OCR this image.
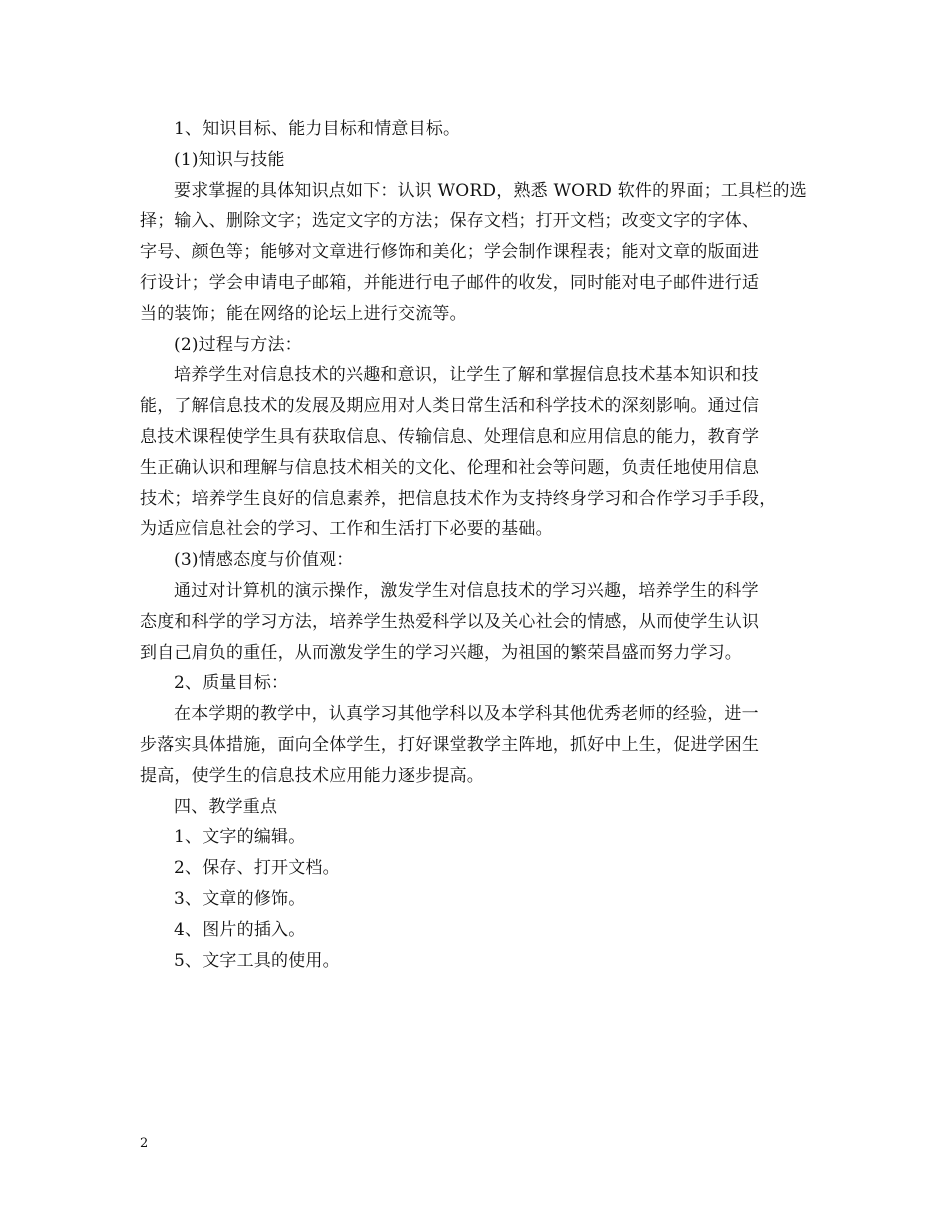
1、知识目标、能力目标和情意目标。
(1)知识与技能
要求掌握的具体知识点如下：认识 WORD，熟悉 WORD 软件的界面；工具栏的选
择；输入、删除文字；选定文字的方法；保存文档；打开文档；改变文字的字体、
字号、颜色等；能够对文章进行修饰和美化；学会制作课程表；能对文章的版面进
行设计；学会申请电子邮箱，并能进行电子邮件的收发，同时能对电子邮件进行适
当的装饰；能在网络的论坛上进行交流等。
(2)过程与方法：
培养学生对信息技术的兴趣和意识，让学生了解和掌握信息技术基本知识和技
能，了解信息技术的发展及期应用对人类日常生活和科学技术的深刻影响。通过信
息技术课程使学生具有获取信息、传输信息、处理信息和应用信息的能力，教育学
生正确认识和理解与信息技术相关的文化、伦理和社会等问题，负责任地使用信息
技术；培养学生良好的信息素养，把信息技术作为支持终身学习和合作学习手手段，
为适应信息社会的学习、工作和生活打下必要的基础。
(3)情感态度与价值观：
通过对计算机的演示操作，激发学生对信息技术的学习兴趣，培养学生的科学
态度和科学的学习方法，培养学生热爱科学以及关心社会的情感，从而使学生认识
到自己肩负的重任，从而激发学生的学习兴趣，为祖国的繁荣昌盛而努力学习。
2、质量目标：
在本学期的教学中，认真学习其他学科以及本学科其他优秀老师的经验，进一
步落实具体措施，面向全体学生，打好课堂教学主阵地，抓好中上生，促进学困生
提高，使学生的信息技术应用能力逐步提高。
四、教学重点
1、文字的编辑。
2、保存、打开文档。
3、文章的修饰。
4、图片的插入。
5、文字工具的使用。
2
